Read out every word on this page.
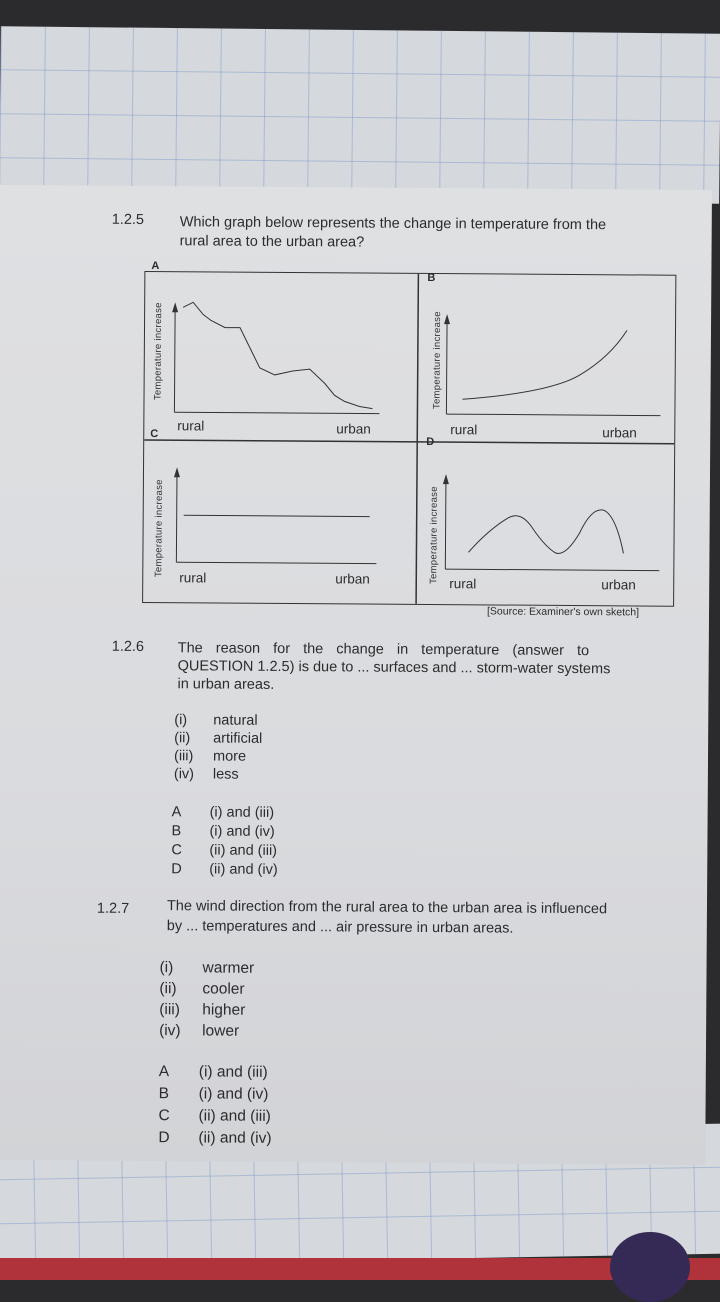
1.2.5 Which graph below represents the change in temperature from the
rural area to the urban area?
A
B
C
D
Temperature increase	Temperature increase
Temperature increase	Temperature increase
rural	urban	rural	urban
rural	urban	rural	urban
[Source: Examiner's own sketch]
1.2.6 The reason for the change in temperature (answer to
QUESTION 1.2.5) is due to ... surfaces and ... storm-water systems
in urban areas.
(i) natural
(ii) artificial
(iii) more
(iv) less
A (i) and (iii)
B (i) and (iv)
C (ii) and (iii)
D (ii) and (iv)
1.2.7	The wind direction from the rural area to the urban area is influenced
by ... temperatures and ... air pressure in urban areas.
(i) warmer
(ii) cooler
(iii) higher
(iv) lower
A (i) and (iii)
B (i) and (iv)
C (ii) and (iii)
D (ii) and (iv)
